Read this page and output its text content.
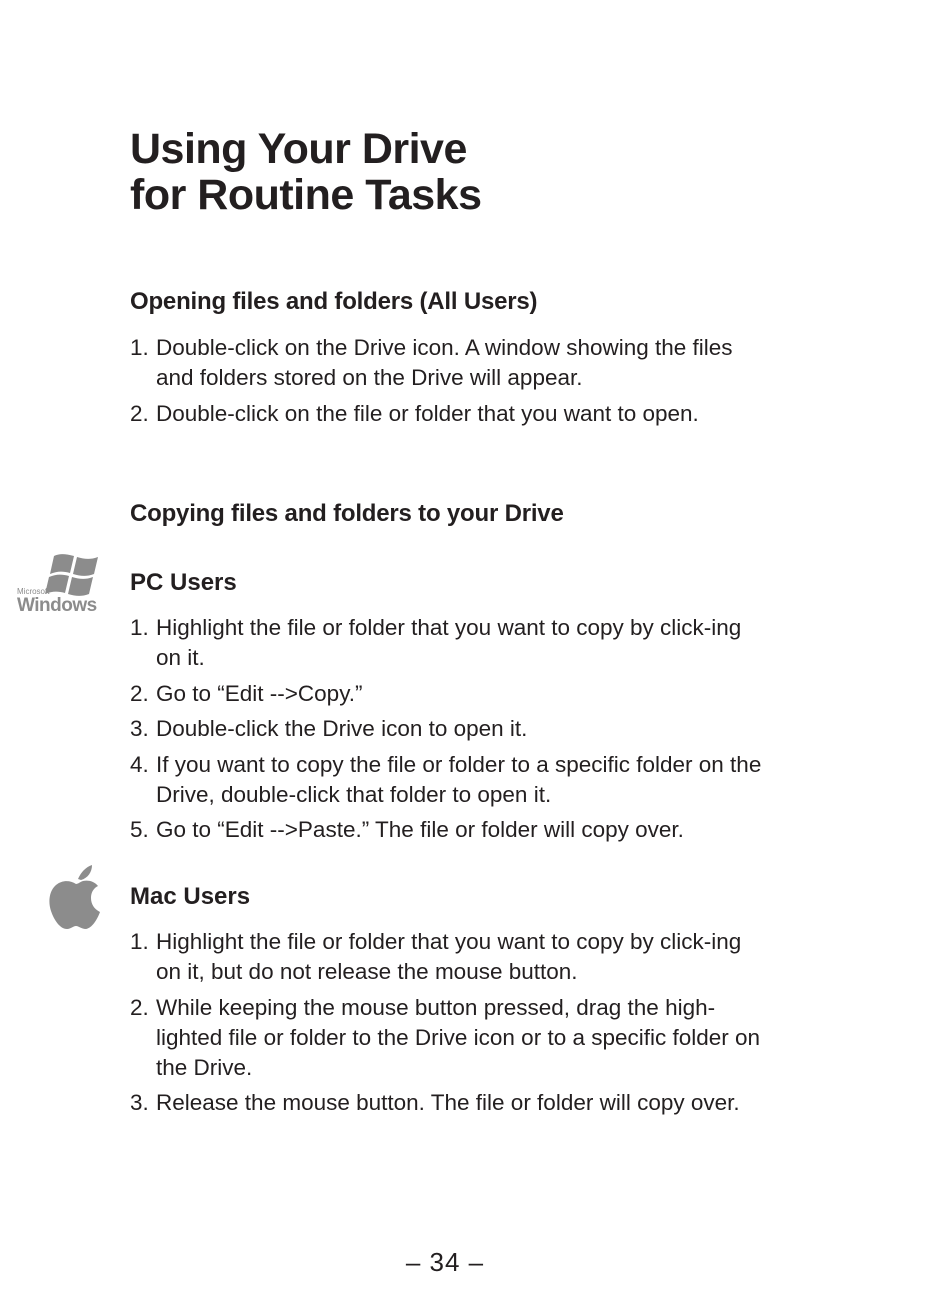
Using Your Drive
for Routine Tasks
Opening files and folders (All Users)
1. Double-click on the Drive icon. A window showing the files and folders stored on the Drive will appear.
2. Double-click on the file or folder that you want to open.
Copying files and folders to your Drive
Microsoft
Windows
PC Users
1. Highlight the file or folder that you want to copy by click-ing on it.
2. Go to “Edit -->Copy.”
3. Double-click the Drive icon to open it.
4. If you want to copy the file or folder to a specific folder on the Drive, double-click that folder to open it.
5. Go to “Edit -->Paste.” The file or folder will copy over.
Mac Users
1. Highlight the file or folder that you want to copy by click-ing on it, but do not release the mouse button.
2. While keeping the mouse button pressed, drag the high-lighted file or folder to the Drive icon or to a specific folder on the Drive.
3. Release the mouse button. The file or folder will copy over.
– 34 –
